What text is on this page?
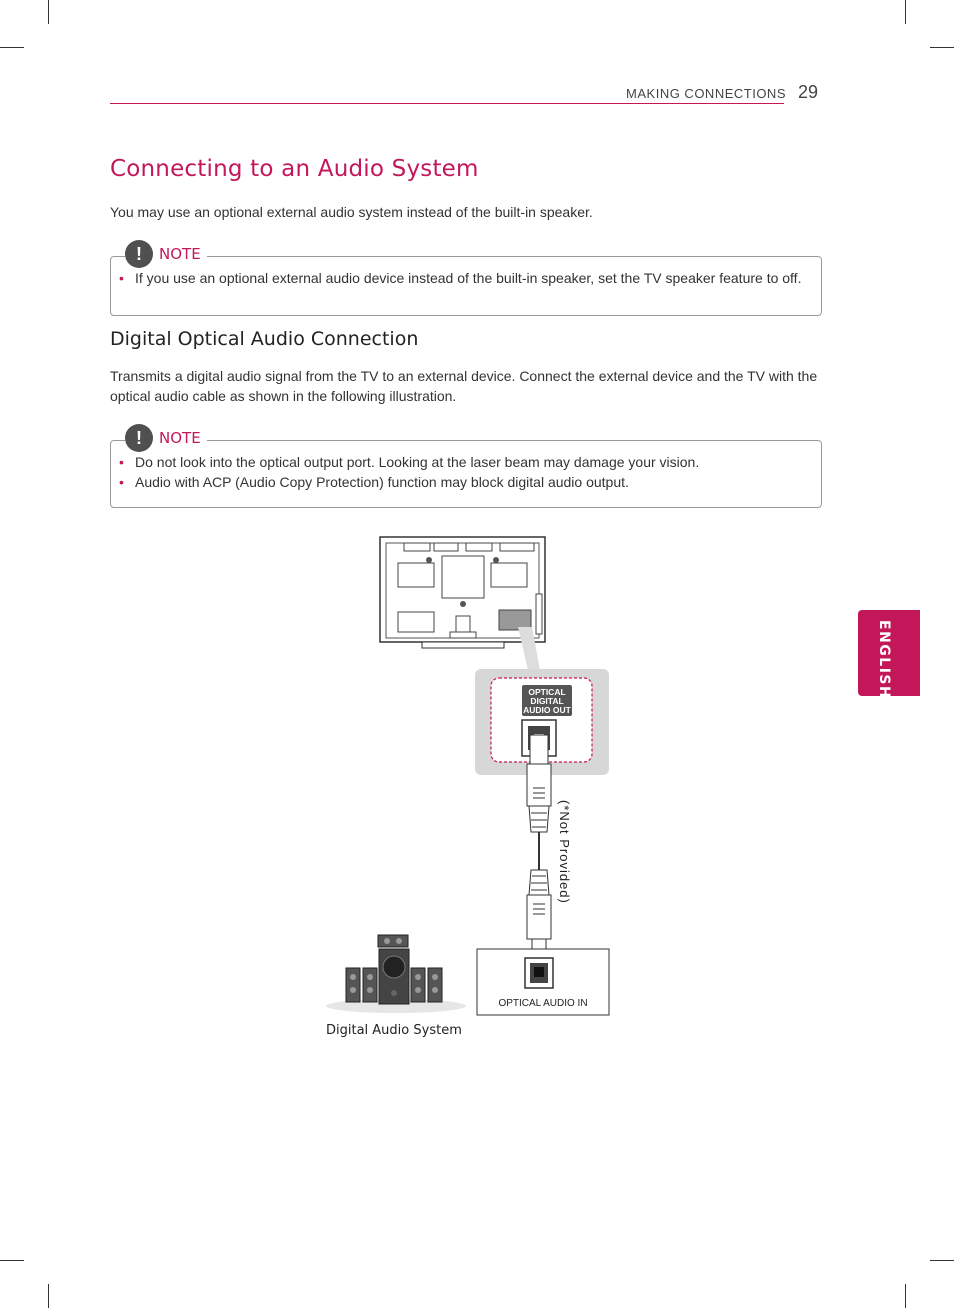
MAKING CONNECTIONS 29
Connecting to an Audio System
You may use an optional external audio system instead of the built-in speaker.
!	NOTE
• If you use an optional external audio device instead of the built-in speaker, set the TV speaker feature to off.
Digital Optical Audio Connection
Transmits a digital audio signal from the TV to an external device. Connect the external device and the TV with the optical audio cable as shown in the following illustration.
!	NOTE
• Do not look into the optical output port. Looking at the laser beam may damage your vision.
• Audio with ACP (Audio Copy Protection) function may block digital audio output.
ENGLISH
OPTICAL
DIGITAL
AUDIO OUT
(*Not Provided)
OPTICAL AUDIO IN
Digital Audio System
